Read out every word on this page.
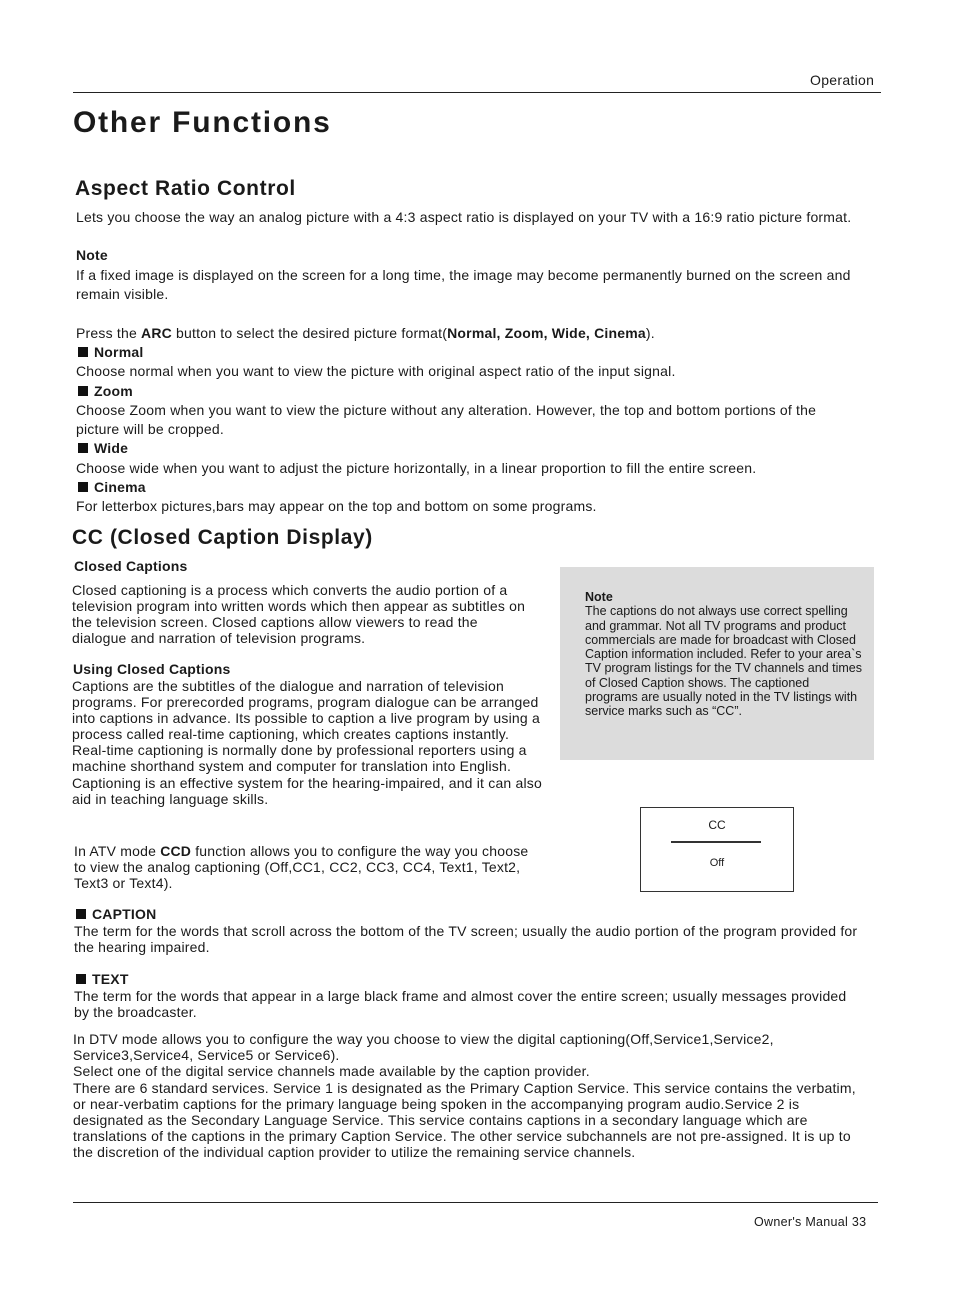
Operation
Other Functions
Aspect Ratio Control
Lets you choose the way an analog picture with a 4:3 aspect ratio is displayed on your TV with a 16:9 ratio picture format.
Note
If a fixed image is displayed on the screen for a long time, the image may become permanently burned on the screen and remain visible.
Press the ARC button to select the desired picture format(Normal, Zoom, Wide, Cinema).
Normal
Choose normal when you want to view the picture with original aspect ratio of the input signal.
Zoom
Choose Zoom when you want to view the picture without any alteration. However, the top and bottom portions of the picture will be cropped.
Wide
Choose wide when you want to adjust the picture horizontally, in a linear proportion to fill the entire screen.
Cinema
For letterbox pictures,bars may appear on the top and bottom on some programs.
CC (Closed Caption Display)
Closed Captions
Closed captioning is a process which converts the audio portion of a television program into written words which then appear as subtitles on the television screen. Closed captions allow viewers to read the dialogue and narration of television programs.
Using Closed Captions
Captions are the subtitles of the dialogue and narration of television programs. For prerecorded programs, program dialogue can be arranged into captions in advance. Its possible to caption a live program by using a process called real-time captioning, which creates captions instantly. Real-time captioning is normally done by professional reporters using a machine shorthand system and computer for translation into English. Captioning is an effective system for the hearing-impaired, and it can also aid in teaching language skills.
In ATV mode CCD function allows you to configure the way you choose to view the analog captioning (Off,CC1, CC2, CC3, CC4, Text1, Text2, Text3 or Text4).
Note
The captions do not always use correct spelling and grammar. Not all TV programs and product commercials are made for broadcast with Closed Caption information included. Refer to your area`s TV program listings for the TV channels and times of Closed Caption shows. The captioned programs are usually noted in the TV listings with service marks such as “CC”.
CC
Off
CAPTION
The term for the words that scroll across the bottom of the TV screen; usually the audio portion of the program provided for the hearing impaired.
TEXT
The term for the words that appear in a large black frame and almost cover the entire screen; usually messages provided by the broadcaster.
In DTV mode allows you to configure the way you choose to view the digital captioning(Off,Service1,Service2, Service3,Service4, Service5 or Service6).
Select one of the digital service channels made available by the caption provider.
There are 6 standard services. Service 1 is designated as the Primary Caption Service. This service contains the verbatim, or near-verbatim captions for the primary language being spoken in the accompanying program audio.Service 2 is designated as the Secondary Language Service. This service contains captions in a secondary language which are translations of the captions in the primary Caption Service. The other service subchannels are not pre-assigned. It is up to the discretion of the individual caption provider to utilize the remaining service channels.
Owner's Manual 33
